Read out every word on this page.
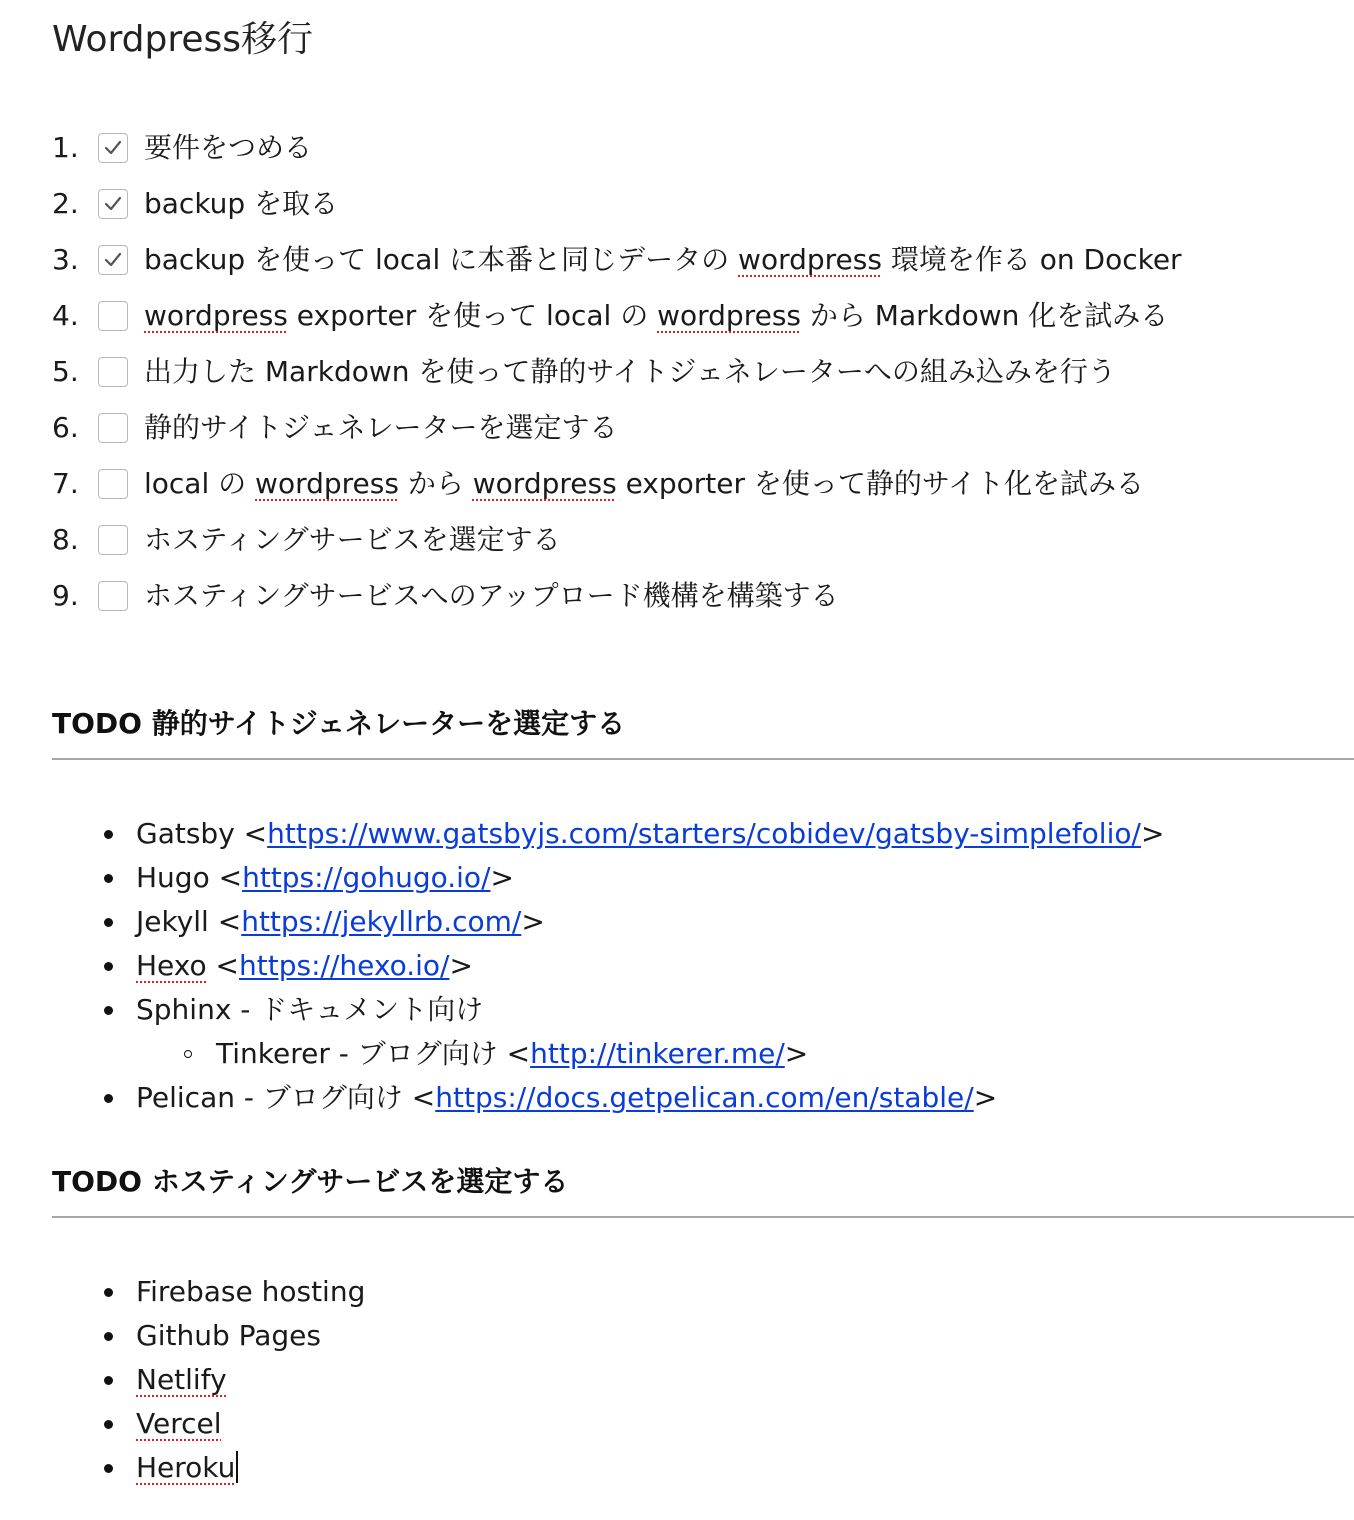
Wordpress移行
1.	要件をつめる
2.	backup を取る
3.	backup を使って local に本番と同じデータの wordpress 環境を作る on Docker
4.	wordpress exporter を使って local の wordpress から Markdown 化を試みる
5.	出力した Markdown を使って静的サイトジェネレーターへの組み込みを行う
6.	静的サイトジェネレーターを選定する
7.	local の wordpress から wordpress exporter を使って静的サイト化を試みる
8.	ホスティングサービスを選定する
9.	ホスティングサービスへのアップロード機構を構築する
TODO 静的サイトジェネレーターを選定する
Gatsby <https://www.gatsbyjs.com/starters/cobidev/gatsby-simplefolio/>
Hugo <https://gohugo.io/>
Jekyll <https://jekyllrb.com/>
Hexo <https://hexo.io/>
Sphinx - ドキュメント向け
Tinkerer - ブログ向け <http://tinkerer.me/>
Pelican - ブログ向け <https://docs.getpelican.com/en/stable/>
TODO ホスティングサービスを選定する
Firebase hosting
Github Pages
Netlify
Vercel
Heroku
